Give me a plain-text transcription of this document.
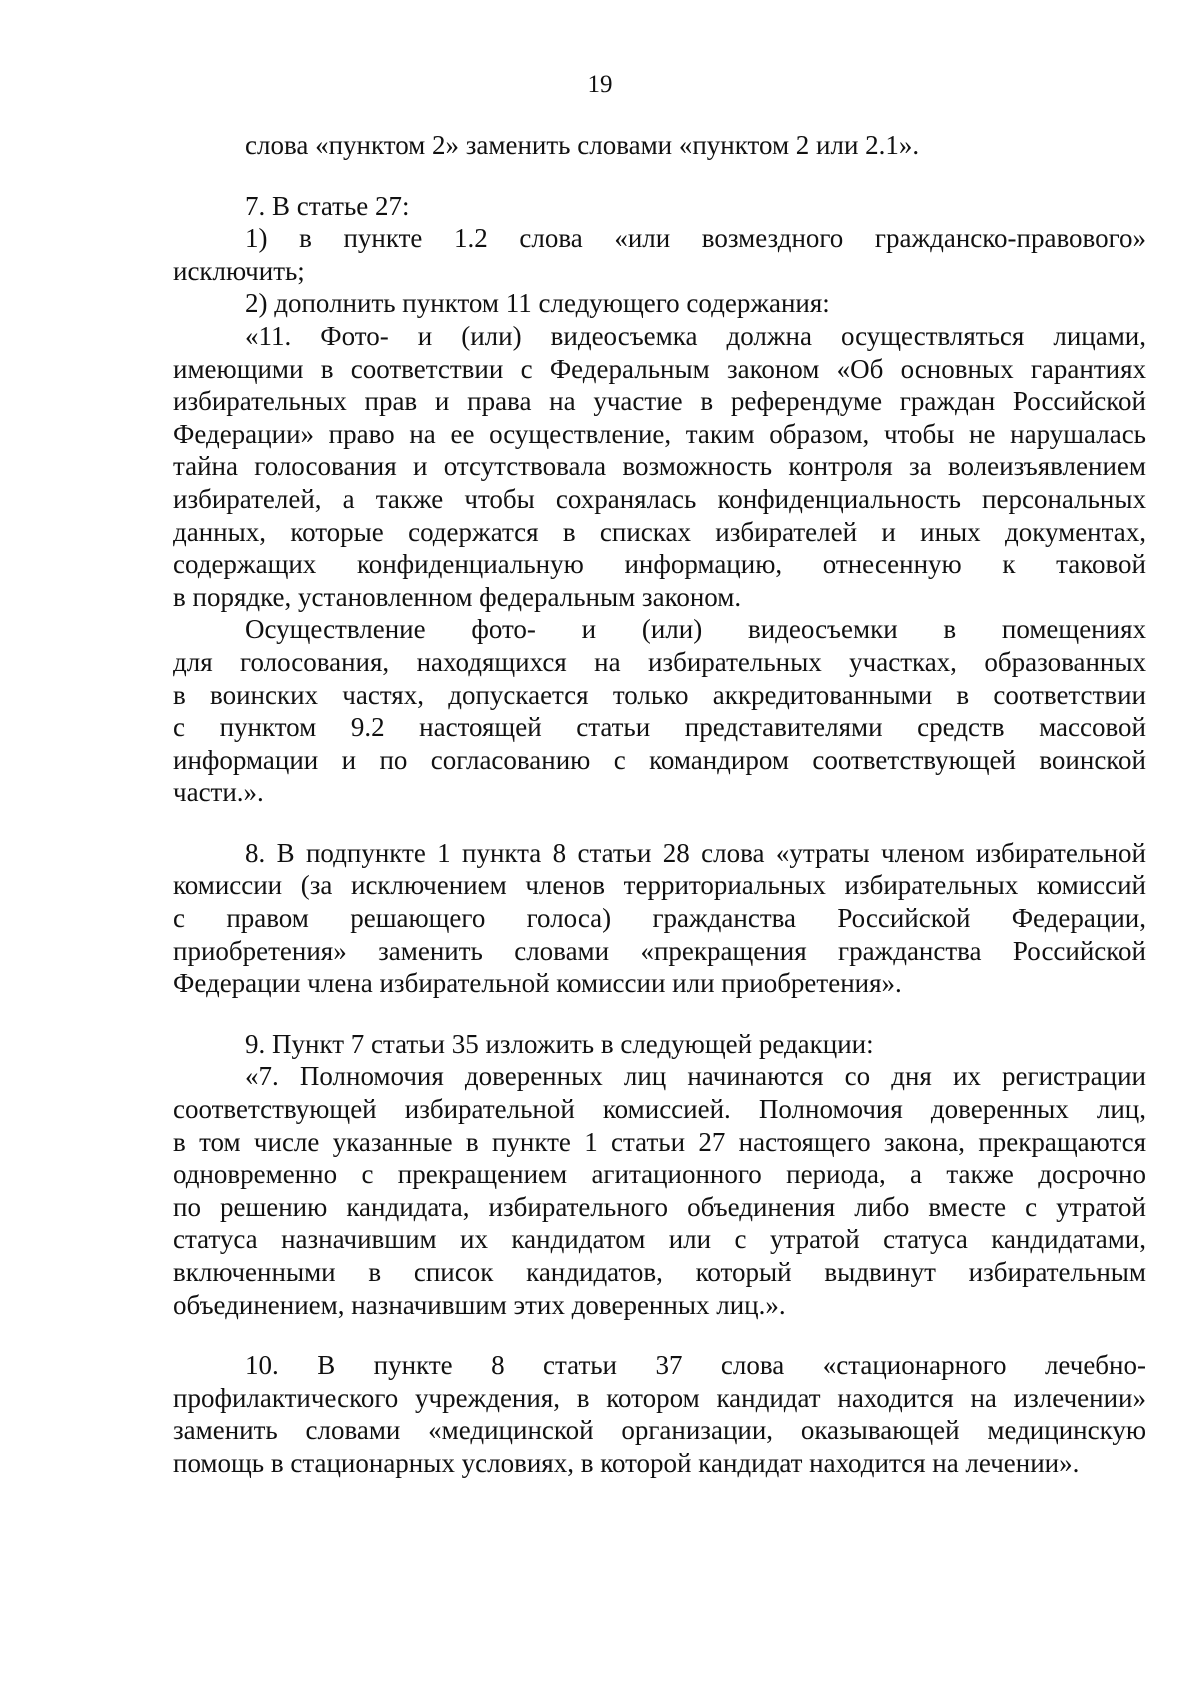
19
слова «пунктом 2» заменить словами «пунктом 2 или 2.1».
7. В статье 27:
1) в пункте 1.2 слова «или возмездного гражданско-правового»
исключить;
2) дополнить пунктом 11 следующего содержания:
«11. Фото- и (или) видеосъемка должна осуществляться лицами,
имеющими в соответствии с Федеральным законом «Об основных гарантиях
избирательных прав и права на участие в референдуме граждан Российской
Федерации» право на ее осуществление, таким образом, чтобы не нарушалась
тайна голосования и отсутствовала возможность контроля за волеизъявлением
избирателей, а также чтобы сохранялась конфиденциальность персональных
данных, которые содержатся в списках избирателей и иных документах,
содержащих конфиденциальную информацию, отнесенную к таковой
в порядке, установленном федеральным законом.
Осуществление фото- и (или) видеосъемки в помещениях
для голосования, находящихся на избирательных участках, образованных
в воинских частях, допускается только аккредитованными в соответствии
с пунктом 9.2 настоящей статьи представителями средств массовой
информации и по согласованию с командиром соответствующей воинской
части.».
8. В подпункте 1 пункта 8 статьи 28 слова «утраты членом избирательной
комиссии (за исключением членов территориальных избирательных комиссий
с правом решающего голоса) гражданства Российской Федерации,
приобретения» заменить словами «прекращения гражданства Российской
Федерации члена избирательной комиссии или приобретения».
9. Пункт 7 статьи 35 изложить в следующей редакции:
«7. Полномочия доверенных лиц начинаются со дня их регистрации
соответствующей избирательной комиссией. Полномочия доверенных лиц,
в том числе указанные в пункте 1 статьи 27 настоящего закона, прекращаются
одновременно с прекращением агитационного периода, а также досрочно
по решению кандидата, избирательного объединения либо вместе с утратой
статуса назначившим их кандидатом или с утратой статуса кандидатами,
включенными в список кандидатов, который выдвинут избирательным
объединением, назначившим этих доверенных лиц.».
10. В пункте 8 статьи 37 слова «стационарного лечебно-
профилактического учреждения, в котором кандидат находится на излечении»
заменить словами «медицинской организации, оказывающей медицинскую
помощь в стационарных условиях, в которой кандидат находится на лечении».
